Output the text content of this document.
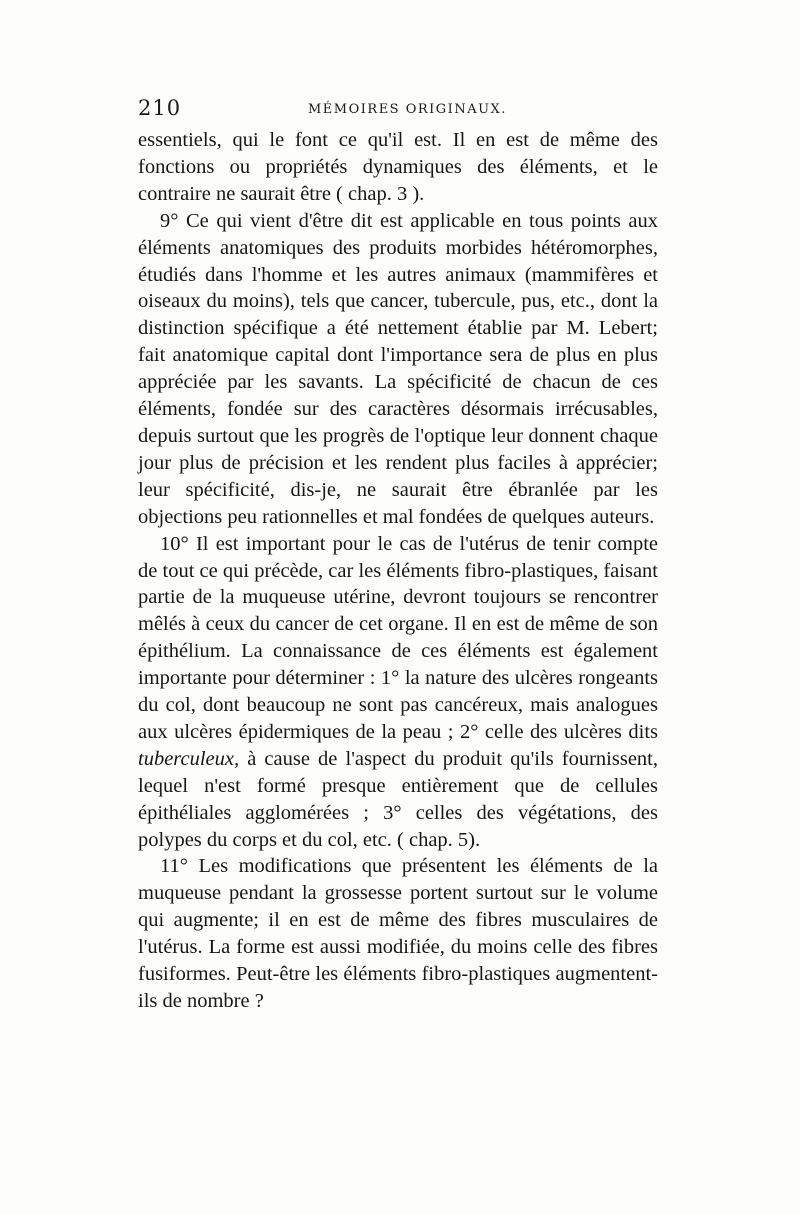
210	MÉMOIRES ORIGINAUX.

essentiels, qui le font ce qu'il est. Il en est de même des fonctions ou propriétés dynamiques des éléments, et le contraire ne saurait être ( chap. 3 ).

9° Ce qui vient d'être dit est applicable en tous points aux éléments anatomiques des produits morbides hétéromorphes, étudiés dans l'homme et les autres animaux (mammifères et oiseaux du moins), tels que cancer, tubercule, pus, etc., dont la distinction spécifique a été nettement établie par M. Lebert; fait anatomique capital dont l'importance sera de plus en plus appréciée par les savants. La spécificité de chacun de ces éléments, fondée sur des caractères désormais irrécusables, depuis surtout que les progrès de l'optique leur donnent chaque jour plus de précision et les rendent plus faciles à apprécier; leur spécificité, dis-je, ne saurait être ébranlée par les objections peu rationnelles et mal fondées de quelques auteurs.

10° Il est important pour le cas de l'utérus de tenir compte de tout ce qui précède, car les éléments fibro-plastiques, faisant partie de la muqueuse utérine, devront toujours se rencontrer mêlés à ceux du cancer de cet organe. Il en est de même de son épithélium. La connaissance de ces éléments est également importante pour déterminer : 1° la nature des ulcères rongeants du col, dont beaucoup ne sont pas cancéreux, mais analogues aux ulcères épidermiques de la peau ; 2° celle des ulcères dits tuberculeux, à cause de l'aspect du produit qu'ils fournissent, lequel n'est formé presque entièrement que de cellules épithéliales agglomérées ; 3° celles des végétations, des polypes du corps et du col, etc. ( chap. 5).

11° Les modifications que présentent les éléments de la muqueuse pendant la grossesse portent surtout sur le volume qui augmente; il en est de même des fibres musculaires de l'utérus. La forme est aussi modifiée, du moins celle des fibres fusiformes. Peut-être les éléments fibro-plastiques augmentent-ils de nombre ?
